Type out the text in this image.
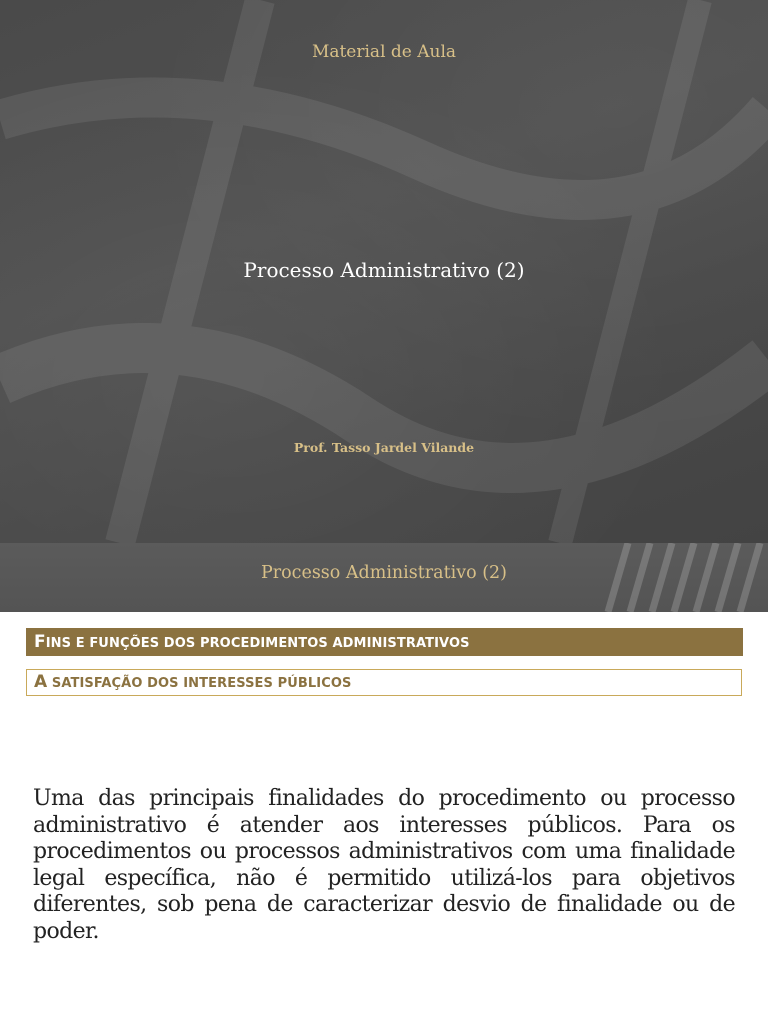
Material de Aula
Processo Administrativo (2)
Prof. Tasso Jardel Vilande
Processo Administrativo (2)
FINS E FUNÇÕES DOS PROCEDIMENTOS ADMINISTRATIVOS
A SATISFAÇÃO DOS INTERESSES PÚBLICOS
Uma das principais finalidades do procedimento ou processo administrativo é atender aos interesses públicos. Para os procedimentos ou processos administrativos com uma finalidade legal específica, não é permitido utilizá-los para objetivos diferentes, sob pena de caracterizar desvio de finalidade ou de poder.
